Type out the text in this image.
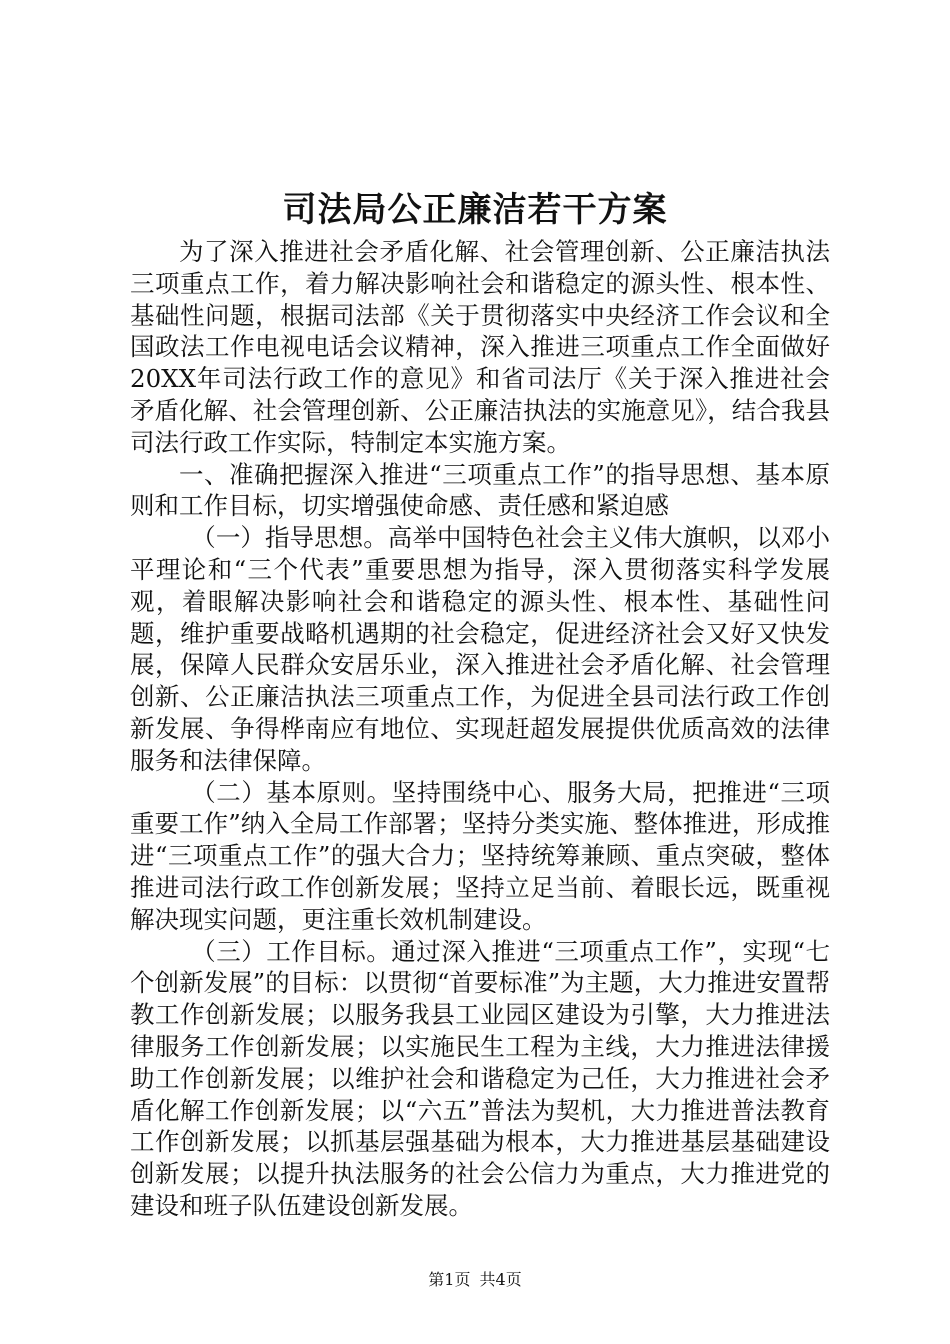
司法局公正廉洁若干方案

为了深入推进社会矛盾化解、社会管理创新、公正廉洁执法三项重点工作，着力解决影响社会和谐稳定的源头性、根本性、基础性问题，根据司法部《关于贯彻落实中央经济工作会议和全国政法工作电视电话会议精神，深入推进三项重点工作全面做好20XX年司法行政工作的意见》和省司法厅《关于深入推进社会矛盾化解、社会管理创新、公正廉洁执法的实施意见》，结合我县司法行政工作实际，特制定本实施方案。

一、准确把握深入推进“三项重点工作”的指导思想、基本原则和工作目标，切实增强使命感、责任感和紧迫感

（一）指导思想。高举中国特色社会主义伟大旗帜，以邓小平理论和“三个代表”重要思想为指导，深入贯彻落实科学发展观，着眼解决影响社会和谐稳定的源头性、根本性、基础性问题，维护重要战略机遇期的社会稳定，促进经济社会又好又快发展，保障人民群众安居乐业，深入推进社会矛盾化解、社会管理创新、公正廉洁执法三项重点工作，为促进全县司法行政工作创新发展、争得桦南应有地位、实现赶超发展提供优质高效的法律服务和法律保障。

（二）基本原则。坚持围绕中心、服务大局，把推进“三项重要工作”纳入全局工作部署；坚持分类实施、整体推进，形成推进“三项重点工作”的强大合力；坚持统筹兼顾、重点突破，整体推进司法行政工作创新发展；坚持立足当前、着眼长远，既重视解决现实问题，更注重长效机制建设。

（三）工作目标。通过深入推进“三项重点工作”，实现“七个创新发展”的目标：以贯彻“首要标准”为主题，大力推进安置帮教工作创新发展；以服务我县工业园区建设为引擎，大力推进法律服务工作创新发展；以实施民生工程为主线，大力推进法律援助工作创新发展；以维护社会和谐稳定为己任，大力推进社会矛盾化解工作创新发展；以“六五”普法为契机，大力推进普法教育工作创新发展；以抓基层强基础为根本，大力推进基层基础建设创新发展；以提升执法服务的社会公信力为重点，大力推进党的建设和班子队伍建设创新发展。

第1页 共4页
